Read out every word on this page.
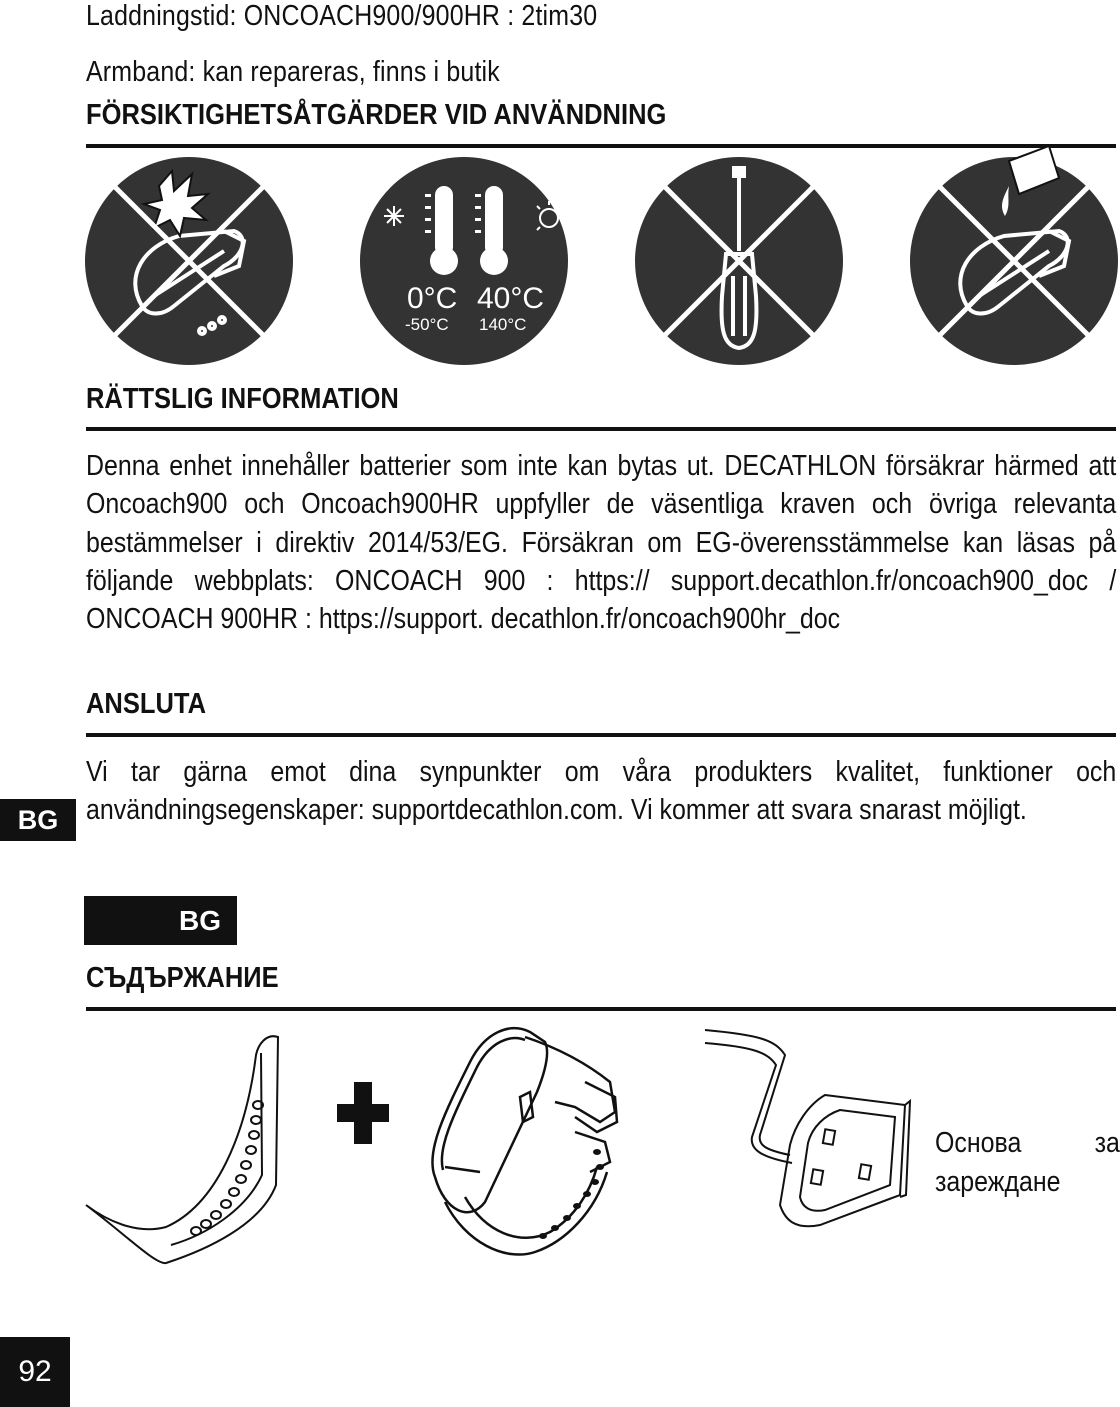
Laddningstid: ONCOACH900/900HR : 2tim30
Armband: kan repareras, finns i butik
FÖRSIKTIGHETSÅTGÄRDER VID ANVÄNDNING
0°C 40°C
-50°C 140°C
RÄTTSLIG INFORMATION

Denna enhet innehåller batterier som inte kan bytas ut. DECATHLON försäkrar härmed att Oncoach900 och Oncoach900HR uppfyller de väsentliga kraven och övriga relevanta bestämmelser i direktiv 2014/53/EG. Försäkran om EG-överensstämmelse kan läsas på följande webbplats: ONCOACH 900 : https:// support.decathlon.fr/oncoach900_doc / ONCOACH 900HR : https://support. decathlon.fr/oncoach900hr_doc

ANSLUTA

Vi tar gärna emot dina synpunkter om våra produkters kvalitet, funktioner och användningsegenskaper: supportdecathlon.com. Vi kommer att svara snarast möjligt.

BG
BG
СЪДЪРЖАНИЕ

Основа за
зареждане

92
